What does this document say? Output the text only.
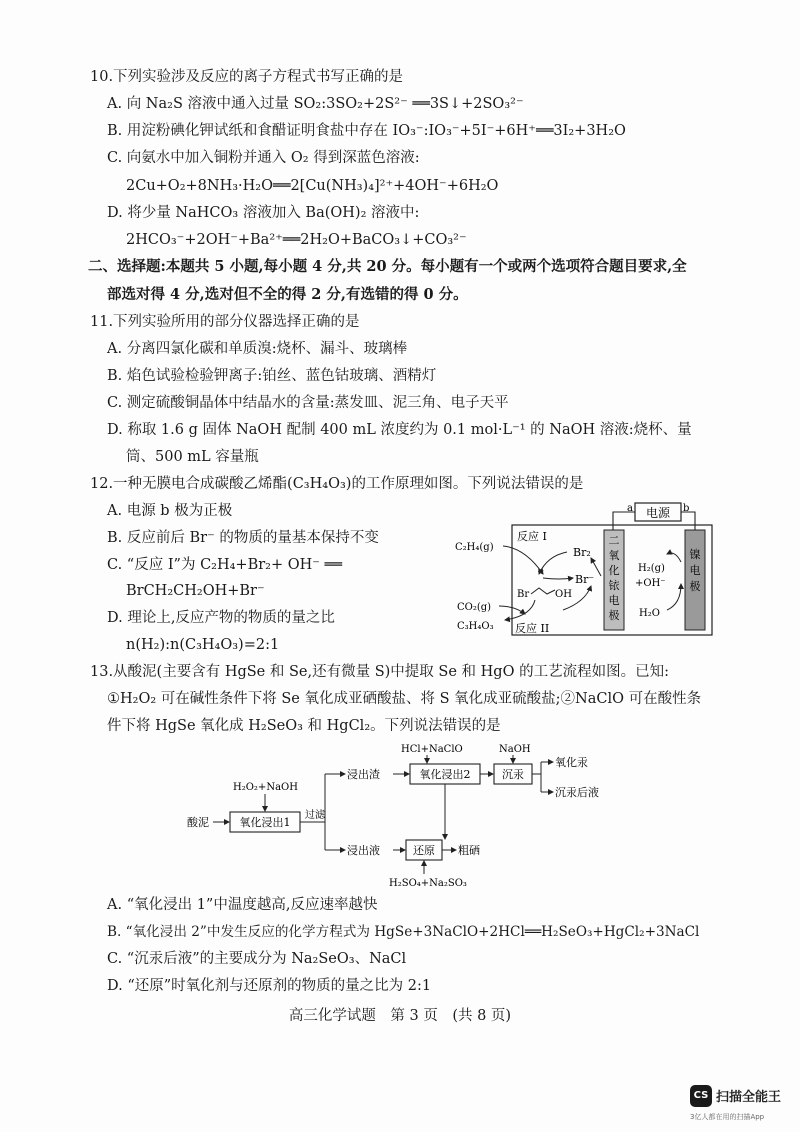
10.下列实验涉及反应的离子方程式书写正确的是
A. 向 Na₂S 溶液中通入过量 SO₂:3SO₂+2S²⁻ ══3S↓+2SO₃²⁻
B. 用淀粉碘化钾试纸和食醋证明食盐中存在 IO₃⁻:IO₃⁻+5I⁻+6H⁺══3I₂+3H₂O
C. 向氨水中加入铜粉并通入 O₂ 得到深蓝色溶液:
2Cu+O₂+8NH₃·H₂O══2[Cu(NH₃)₄]²⁺+4OH⁻+6H₂O
D. 将少量 NaHCO₃ 溶液加入 Ba(OH)₂ 溶液中:
2HCO₃⁻+2OH⁻+Ba²⁺══2H₂O+BaCO₃↓+CO₃²⁻
二、选择题:本题共 5 小题,每小题 4 分,共 20 分。每小题有一个或两个选项符合题目要求,全
部选对得 4 分,选对但不全的得 2 分,有选错的得 0 分。
11.下列实验所用的部分仪器选择正确的是
A. 分离四氯化碳和单质溴:烧杯、漏斗、玻璃棒
B. 焰色试验检验钾离子:铂丝、蓝色钴玻璃、酒精灯
C. 测定硫酸铜晶体中结晶水的含量:蒸发皿、泥三角、电子天平
D. 称取 1.6 g 固体 NaOH 配制 400 mL 浓度约为 0.1 mol·L⁻¹ 的 NaOH 溶液:烧杯、量
筒、500 mL 容量瓶
12.一种无膜电合成碳酸乙烯酯(C₃H₄O₃)的工作原理如图。下列说法错误的是
A. 电源 b 极为正极
B. 反应前后 Br⁻ 的物质的量基本保持不变
C. “反应 I”为 C₂H₄+Br₂+ OH⁻ ══
BrCH₂CH₂OH+Br⁻
D. 理论上,反应产物的物质的量之比
n(H₂):n(C₃H₄O₃)=2:1
电源
a	b
二
氧
化
铱
电
极
镍
电
极
反应 I
反应 II
C₂H₄(g)
CO₂(g)
C₃H₄O₃
Br₂
Br⁻
Br	OH
H₂(g)
+OH⁻
H₂O
13.从酸泥(主要含有 HgSe 和 Se,还有微量 S)中提取 Se 和 HgO 的工艺流程如图。已知:
①H₂O₂ 可在碱性条件下将 Se 氧化成亚硒酸盐、将 S 氧化成亚硫酸盐;②NaClO 可在酸性条
件下将 HgSe 氧化成 H₂SeO₃ 和 HgCl₂。下列说法错误的是
酸泥	氧化浸出1
H₂O₂+NaOH
过滤
浸出渣	氧化浸出2
HCl+NaClO
沉汞
NaOH
氧化汞
沉汞后液
浸出液	还原 粗硒
H₂SO₄+Na₂SO₃
A. “氧化浸出 1”中温度越高,反应速率越快
B. “氧化浸出 2”中发生反应的化学方程式为 HgSe+3NaClO+2HCl══H₂SeO₃+HgCl₂+3NaCl
C. “沉汞后液”的主要成分为 Na₂SeO₃、NaCl
D. “还原”时氧化剂与还原剂的物质的量之比为 2:1
高三化学试题　第 3 页　(共 8 页)
CS 扫描全能王
3亿人都在用的扫描App
